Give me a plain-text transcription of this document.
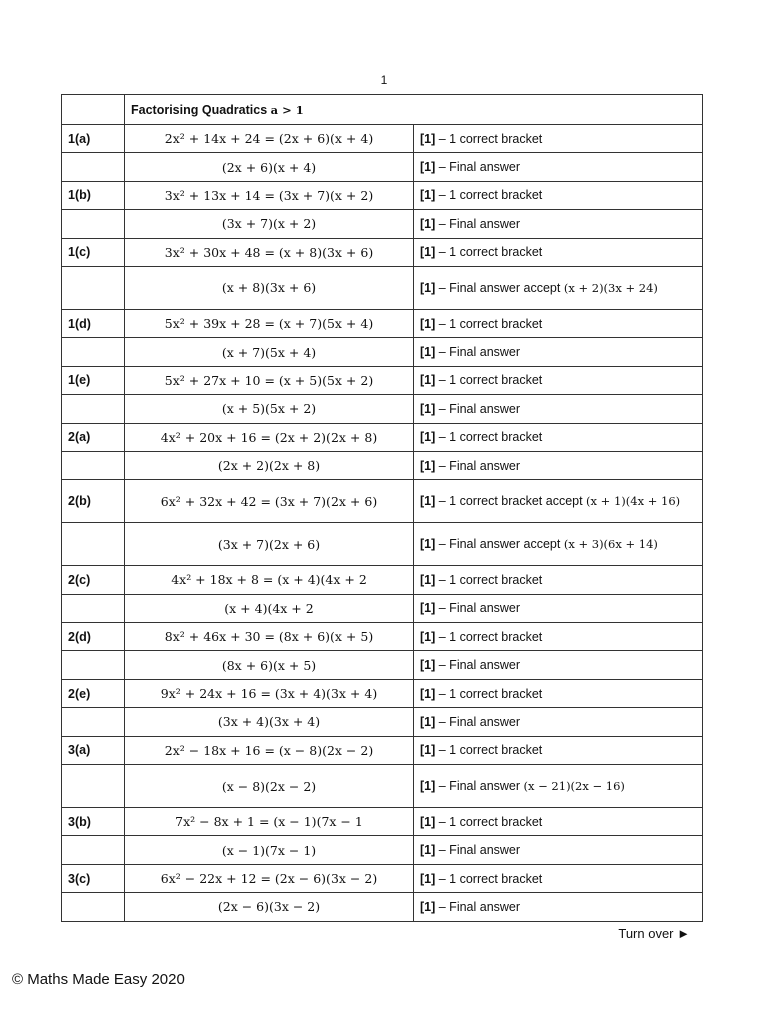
1
	Factorising Quadratics a > 1	
1(a)	2x² + 14x + 24 = (2x + 6)(x + 4)	[1] – 1 correct bracket
	(2x + 6)(x + 4)	[1] – Final answer
1(b)	3x² + 13x + 14 = (3x + 7)(x + 2)	[1] – 1 correct bracket
	(3x + 7)(x + 2)	[1] – Final answer
1(c)	3x² + 30x + 48 = (x + 8)(3x + 6)	[1] – 1 correct bracket
	(x + 8)(3x + 6)	[1] – Final answer accept (x + 2)(3x + 24)
1(d)	5x² + 39x + 28 = (x + 7)(5x + 4)	[1] – 1 correct bracket
	(x + 7)(5x + 4)	[1] – Final answer
1(e)	5x² + 27x + 10 = (x + 5)(5x + 2)	[1] – 1 correct bracket
	(x + 5)(5x + 2)	[1] – Final answer
2(a)	4x² + 20x + 16 = (2x + 2)(2x + 8)	[1] – 1 correct bracket
	(2x + 2)(2x + 8)	[1] – Final answer
2(b)	6x² + 32x + 42 = (3x + 7)(2x + 6)	[1] – 1 correct bracket accept (x + 1)(4x + 16)
	(3x + 7)(2x + 6)	[1] – Final answer accept (x + 3)(6x + 14)
2(c)	4x² + 18x + 8 = (x + 4)(4x + 2	[1] – 1 correct bracket
	(x + 4)(4x + 2	[1] – Final answer
2(d)	8x² + 46x + 30 = (8x + 6)(x + 5)	[1] – 1 correct bracket
	(8x + 6)(x + 5)	[1] – Final answer
2(e)	9x² + 24x + 16 = (3x + 4)(3x + 4)	[1] – 1 correct bracket
	(3x + 4)(3x + 4)	[1] – Final answer
3(a)	2x² − 18x + 16 = (x − 8)(2x − 2)	[1] – 1 correct bracket
	(x − 8)(2x − 2)	[1] – Final answer (x − 21)(2x − 16)
3(b)	7x² − 8x + 1 = (x − 1)(7x − 1	[1] – 1 correct bracket
	(x − 1)(7x − 1)	[1] – Final answer
3(c)	6x² − 22x + 12 = (2x − 6)(3x − 2)	[1] – 1 correct bracket
	(2x − 6)(3x − 2)	[1] – Final answer
Turn over ►
© Maths Made Easy 2020
